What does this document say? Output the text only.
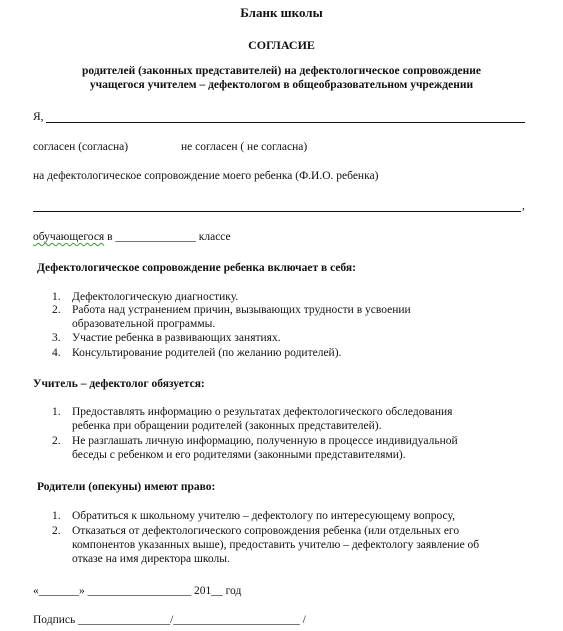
Бланк школы
СОГЛАСИЕ
родителей (законных представителей) на дефектологическое сопровождение
учащегося учителем – дефектологом в общеобразовательном учреждении
Я,
согласен (согласна)	не согласен ( не согласна)
на дефектологическое сопровождение моего ребенка (Ф.И.О. ребенка)
,
обучающегося в ______________ классе
Дефектологическое сопровождение ребенка включает в себя:
1. Дефектологическую диагностику.
2. Работа над устранением причин, вызывающих трудности в усвоении
образовательной программы.
3. Участие ребенка в развивающих занятиях.
4. Консультирование родителей (по желанию родителей).
Учитель – дефектолог обязуется:
1. Предоставлять информацию о результатах дефектологического обследования
ребенка при обращении родителей (законных представителей).
2. Не разглашать личную информацию, полученную в процессе индивидуальной
беседы с ребенком и его родителями (законными представителями).
Родители (опекуны) имеют право:
1. Обратиться к школьному учителю – дефектологу по интересующему вопросу,
2. Отказаться от дефектологического сопровождения ребенка (или отдельных его
компонентов указанных выше), предоставить учителю – дефектологу заявление об
отказе на имя директора школы.
«_______» __________________ 201__ год
Подпись ________________/______________________ /
